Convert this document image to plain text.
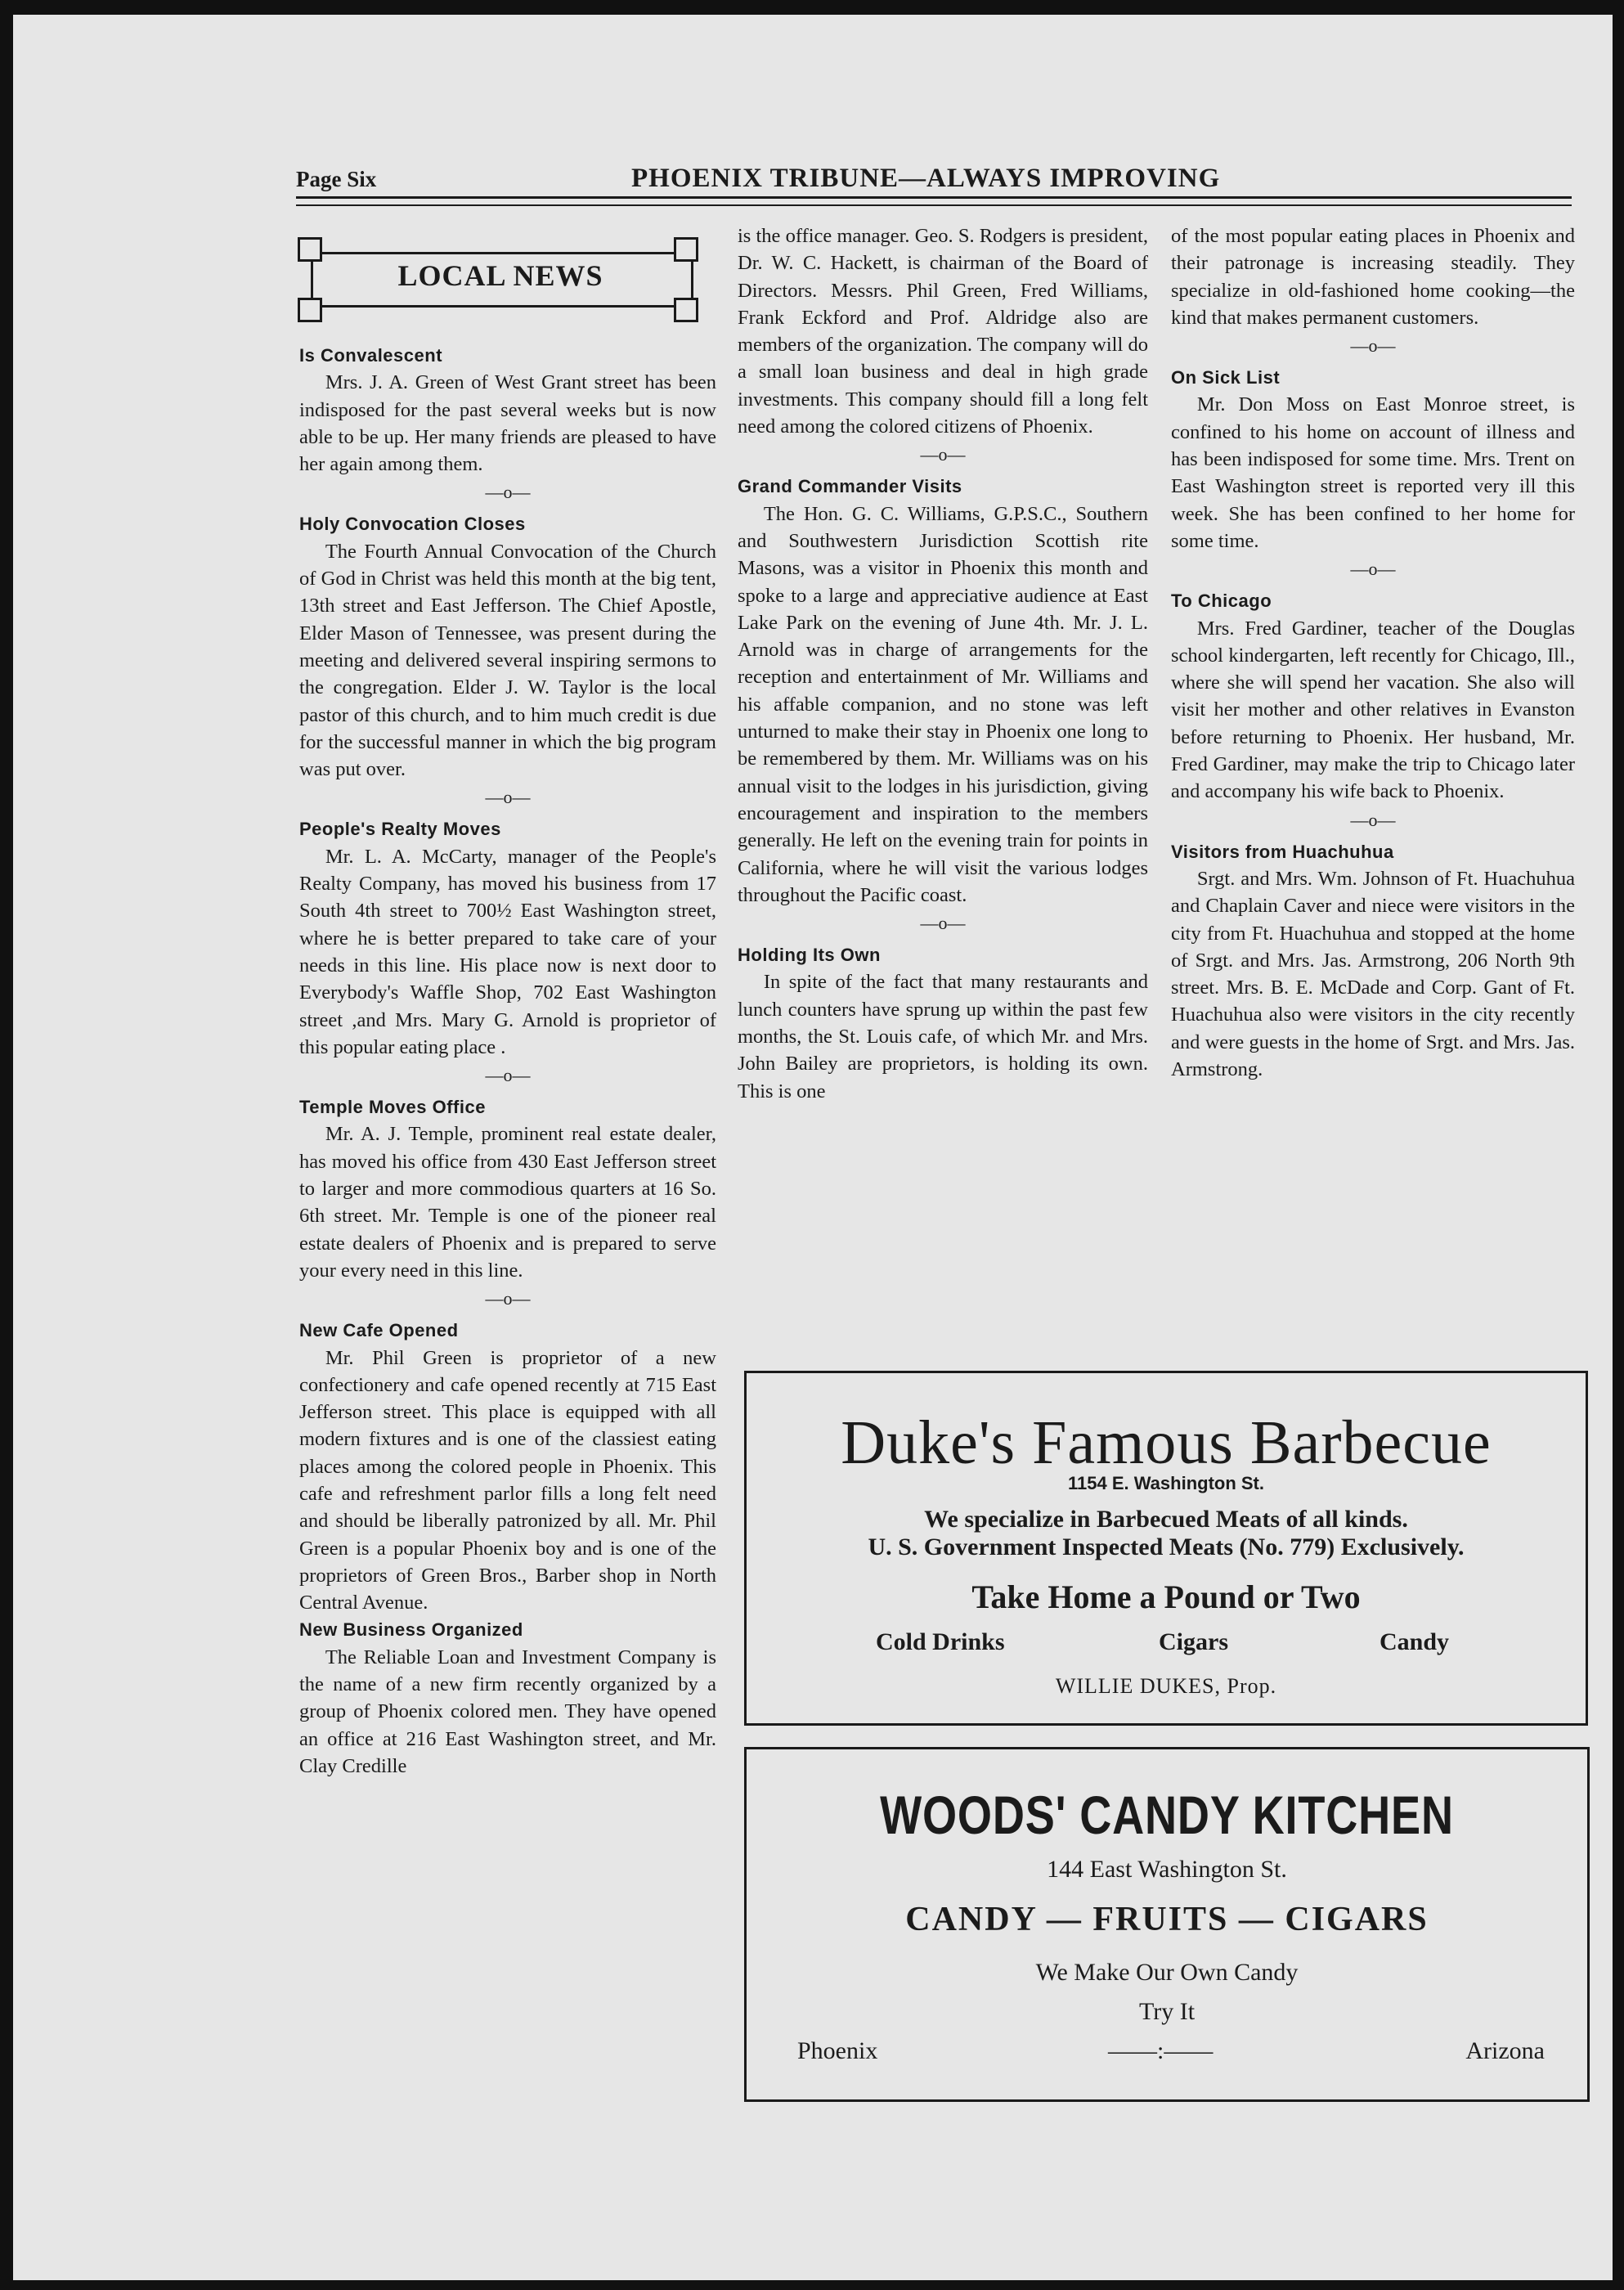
Page Six	PHOENIX TRIBUNE—ALWAYS IMPROVING
LOCAL NEWS
Is Convalescent

Mrs. J. A. Green of West Grant street has been indisposed for the past several weeks but is now able to be up. Her many friends are pleased to have her again among them.

—o—
Holy Convocation Closes

The Fourth Annual Convocation of the Church of God in Christ was held this month at the big tent, 13th street and East Jefferson. The Chief Apostle, Elder Mason of Tennessee, was present during the meeting and delivered several inspiring sermons to the congregation. Elder J. W. Taylor is the local pastor of this church, and to him much credit is due for the successful manner in which the big program was put over.

—o—
People's Realty Moves

Mr. L. A. McCarty, manager of the People's Realty Company, has moved his business from 17 South 4th street to 700½ East Washington street, where he is better prepared to take care of your needs in this line. His place now is next door to Everybody's Waffle Shop, 702 East Washington street ,and Mrs. Mary G. Arnold is proprietor of this popular eating place .

—o—
Temple Moves Office

Mr. A. J. Temple, prominent real estate dealer, has moved his office from 430 East Jefferson street to larger and more commodious quarters at 16 So. 6th street. Mr. Temple is one of the pioneer real estate dealers of Phoenix and is prepared to serve your every need in this line.

—o—
New Cafe Opened

Mr. Phil Green is proprietor of a new confectionery and cafe opened recently at 715 East Jefferson street. This place is equipped with all modern fixtures and is one of the classiest eating places among the colored people in Phoenix. This cafe and refreshment parlor fills a long felt need and should be liberally patronized by all. Mr. Phil Green is a popular Phoenix boy and is one of the proprietors of Green Bros., Barber shop in North Central Avenue.

New Business Organized

The Reliable Loan and Investment Company is the name of a new firm recently organized by a group of Phoenix colored men. They have opened an office at 216 East Washington street, and Mr. Clay Credille

is the office manager. Geo. S. Rodgers is president, Dr. W. C. Hackett, is chairman of the Board of Directors. Messrs. Phil Green, Fred Williams, Frank Eckford and Prof. Aldridge also are members of the organization. The company will do a small loan business and deal in high grade investments. This company should fill a long felt need among the colored citizens of Phoenix.

—o—
Grand Commander Visits

The Hon. G. C. Williams, G.P.S.C., Southern and Southwestern Jurisdiction Scottish rite Masons, was a visitor in Phoenix this month and spoke to a large and appreciative audience at East Lake Park on the evening of June 4th. Mr. J. L. Arnold was in charge of arrangements for the reception and entertainment of Mr. Williams and his affable companion, and no stone was left unturned to make their stay in Phoenix one long to be remembered by them. Mr. Williams was on his annual visit to the lodges in his jurisdiction, giving encouragement and inspiration to the members generally. He left on the evening train for points in California, where he will visit the various lodges throughout the Pacific coast.

—o—
Holding Its Own

In spite of the fact that many restaurants and lunch counters have sprung up within the past few months, the St. Louis cafe, of which Mr. and Mrs. John Bailey are proprietors, is holding its own. This is one

of the most popular eating places in Phoenix and their patronage is increasing steadily. They specialize in old-fashioned home cooking—the kind that makes permanent customers.

—o—
On Sick List

Mr. Don Moss on East Monroe street, is confined to his home on account of illness and has been indisposed for some time. Mrs. Trent on East Washington street is reported very ill this week. She has been confined to her home for some time.

—o—
To Chicago

Mrs. Fred Gardiner, teacher of the Douglas school kindergarten, left recently for Chicago, Ill., where she will spend her vacation. She also will visit her mother and other relatives in Evanston before returning to Phoenix. Her husband, Mr. Fred Gardiner, may make the trip to Chicago later and accompany his wife back to Phoenix.

—o—
Visitors from Huachuhua

Srgt. and Mrs. Wm. Johnson of Ft. Huachuhua and Chaplain Caver and niece were visitors in the city from Ft. Huachuhua and stopped at the home of Srgt. and Mrs. Jas. Armstrong, 206 North 9th street. Mrs. B. E. McDade and Corp. Gant of Ft. Huachuhua also were visitors in the city recently and were guests in the home of Srgt. and Mrs. Jas. Armstrong.

Duke's Famous Barbecue
1154 E. Washington St.
We specialize in Barbecued Meats of all kinds.
U. S. Government Inspected Meats (No. 779) Exclusively.
Take Home a Pound or Two
Cold Drinks	Cigars	Candy
WILLIE DUKES, Prop.
WOODS' CANDY KITCHEN
144 East Washington St.
CANDY — FRUITS — CIGARS
We Make Our Own Candy
Try It
Phoenix	——:——	Arizona
